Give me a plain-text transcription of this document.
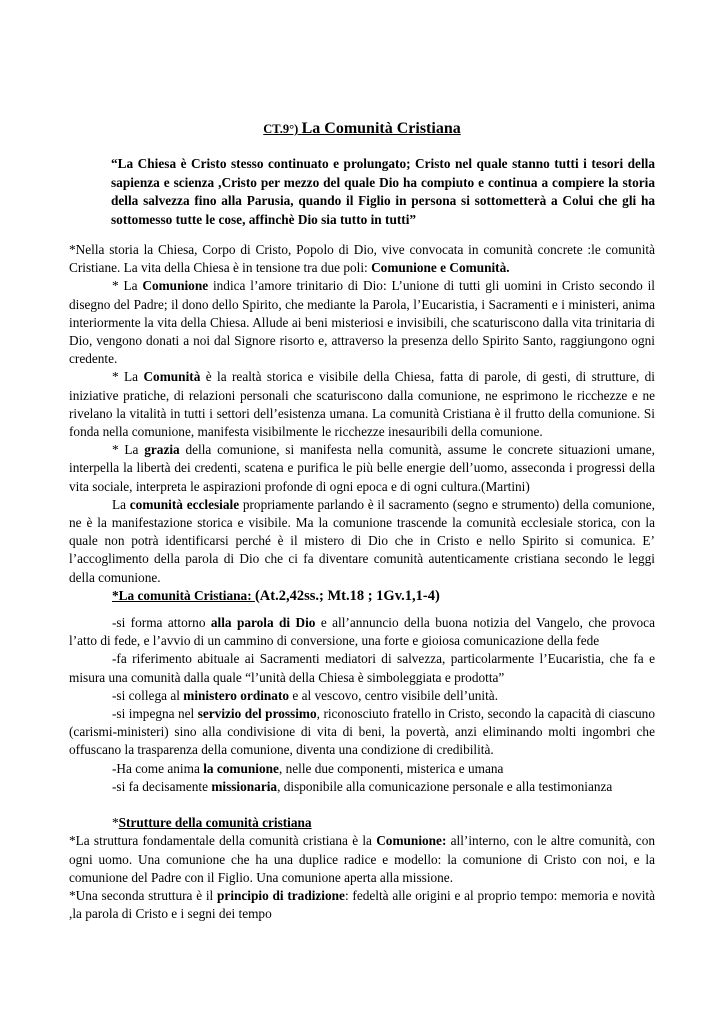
CT.9°) La Comunità Cristiana
“La Chiesa è Cristo stesso continuato e prolungato; Cristo nel quale stanno tutti i tesori della sapienza e scienza ,Cristo per mezzo del quale Dio ha compiuto e continua a compiere la storia della salvezza fino alla Parusia, quando il Figlio in persona si sottometterà a Colui che gli ha sottomesso tutte le cose, affinchè Dio sia tutto in tutti”

*Nella storia la Chiesa, Corpo di Cristo, Popolo di Dio, vive convocata in comunità concrete :le comunità Cristiane. La vita della Chiesa è in tensione tra due poli: Comunione e Comunità.

* La Comunione indica l’amore trinitario di Dio: L’unione di tutti gli uomini in Cristo secondo il disegno del Padre; il dono dello Spirito, che mediante la Parola, l’Eucaristia, i Sacramenti e i ministeri, anima interiormente la vita della Chiesa. Allude ai beni misteriosi e invisibili, che scaturiscono dalla vita trinitaria di Dio, vengono donati a noi dal Signore risorto e, attraverso la presenza dello Spirito Santo, raggiungono ogni credente.

* La Comunità è la realtà storica e visibile della Chiesa, fatta di parole, di gesti, di strutture, di iniziative pratiche, di relazioni personali che scaturiscono dalla comunione, ne esprimono le ricchezze e ne rivelano la vitalità in tutti i settori dell’esistenza umana. La comunità Cristiana è il frutto della comunione. Si fonda nella comunione, manifesta visibilmente le ricchezze inesauribili della comunione.

* La grazia della comunione, si manifesta nella comunità, assume le concrete situazioni umane, interpella la libertà dei credenti, scatena e purifica le più belle energie dell’uomo, asseconda i progressi della vita sociale, interpreta le aspirazioni profonde di ogni epoca e di ogni cultura.(Martini)

La comunità ecclesiale propriamente parlando è il sacramento (segno e strumento) della comunione, ne è la manifestazione storica e visibile. Ma la comunione trascende la comunità ecclesiale storica, con la quale non potrà identificarsi perché è il mistero di Dio che in Cristo e nello Spirito si comunica. E’ l’accoglimento della parola di Dio che ci fa diventare comunità autenticamente cristiana secondo le leggi della comunione.

*La comunità Cristiana: (At.2,42ss.; Mt.18 ; 1Gv.1,1-4)

-si forma attorno alla parola di Dio e all’annuncio della buona notizia del Vangelo, che provoca l’atto di fede, e l’avvio di un cammino di conversione, una forte e gioiosa comunicazione della fede

-fa riferimento abituale ai Sacramenti mediatori di salvezza, particolarmente l’Eucaristia, che fa e misura una comunità dalla quale “l’unità della Chiesa è simboleggiata e prodotta”

-si collega al ministero ordinato e al vescovo, centro visibile dell’unità.

-si impegna nel servizio del prossimo, riconosciuto fratello in Cristo, secondo la capacità di ciascuno (carismi-ministeri) sino alla condivisione di vita di beni, la povertà, anzi eliminando molti ingombri che offuscano la trasparenza della comunione, diventa una condizione di credibilità.

-Ha come anima la comunione, nelle due componenti, misterica e umana

-si fa decisamente missionaria, disponibile alla comunicazione personale e alla testimonianza

*Strutture della comunità cristiana

*La struttura fondamentale della comunità cristiana è la Comunione: all’interno, con le altre comunità, con ogni uomo. Una comunione che ha una duplice radice e modello: la comunione di Cristo con noi, e la comunione del Padre con il Figlio. Una comunione aperta alla missione.

*Una seconda struttura è il principio di tradizione: fedeltà alle origini e al proprio tempo: memoria e novità ,la parola di Cristo e i segni dei tempo
